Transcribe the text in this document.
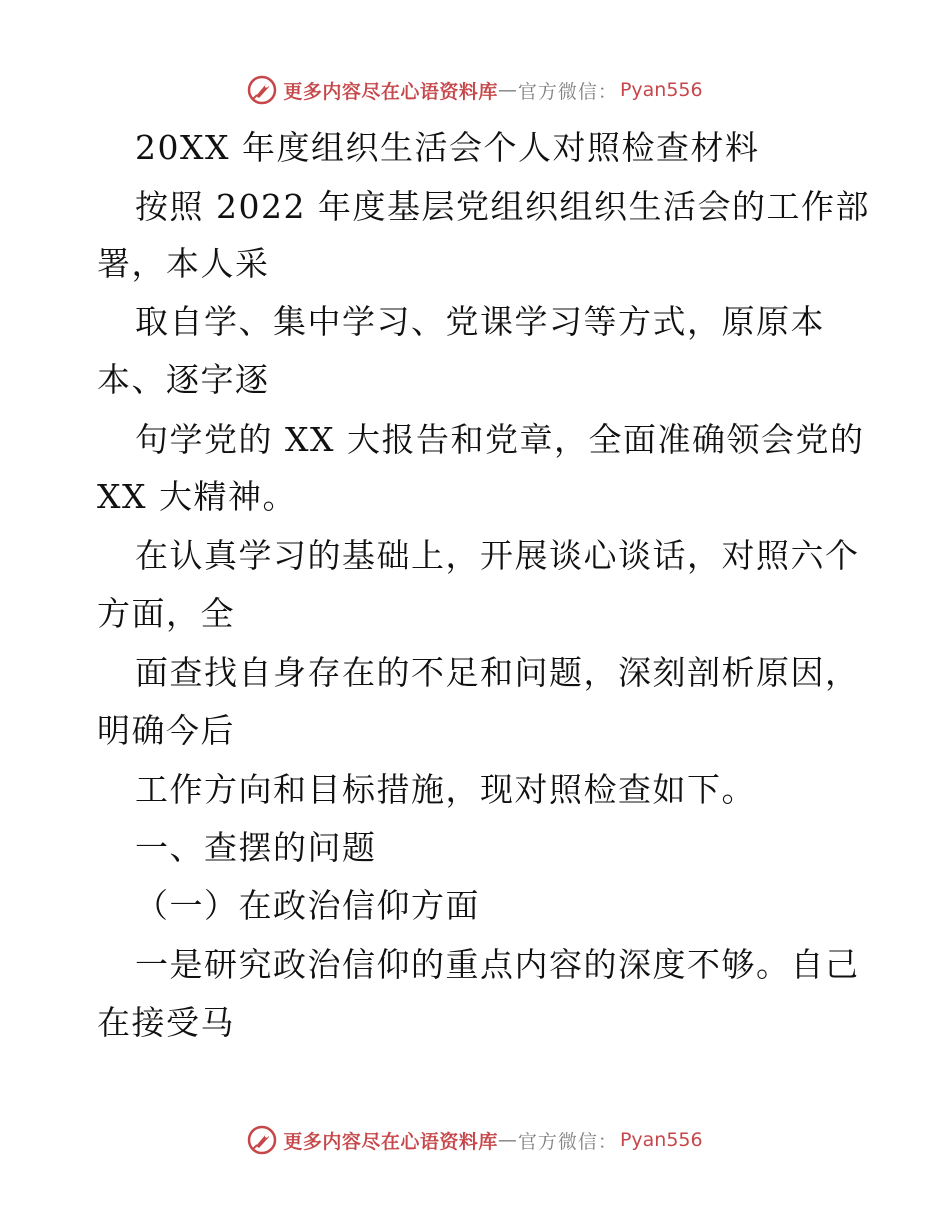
更多内容尽在心语资料库 — 官方微信： Pyan556
20XX 年度组织生活会个人对照检查材料
按照 2022 年度基层党组织组织生活会的工作部
署，本人采
取自学、集中学习、党课学习等方式，原原本
本、逐字逐
句学党的 XX 大报告和党章，全面准确领会党的
XX 大精神。
在认真学习的基础上，开展谈心谈话，对照六个
方面，全
面查找自身存在的不足和问题，深刻剖析原因，
明确今后
工作方向和目标措施，现对照检查如下。
一、查摆的问题
（一）在政治信仰方面
一是研究政治信仰的重点内容的深度不够。自己
在接受马
更多内容尽在心语资料库 — 官方微信： Pyan556
